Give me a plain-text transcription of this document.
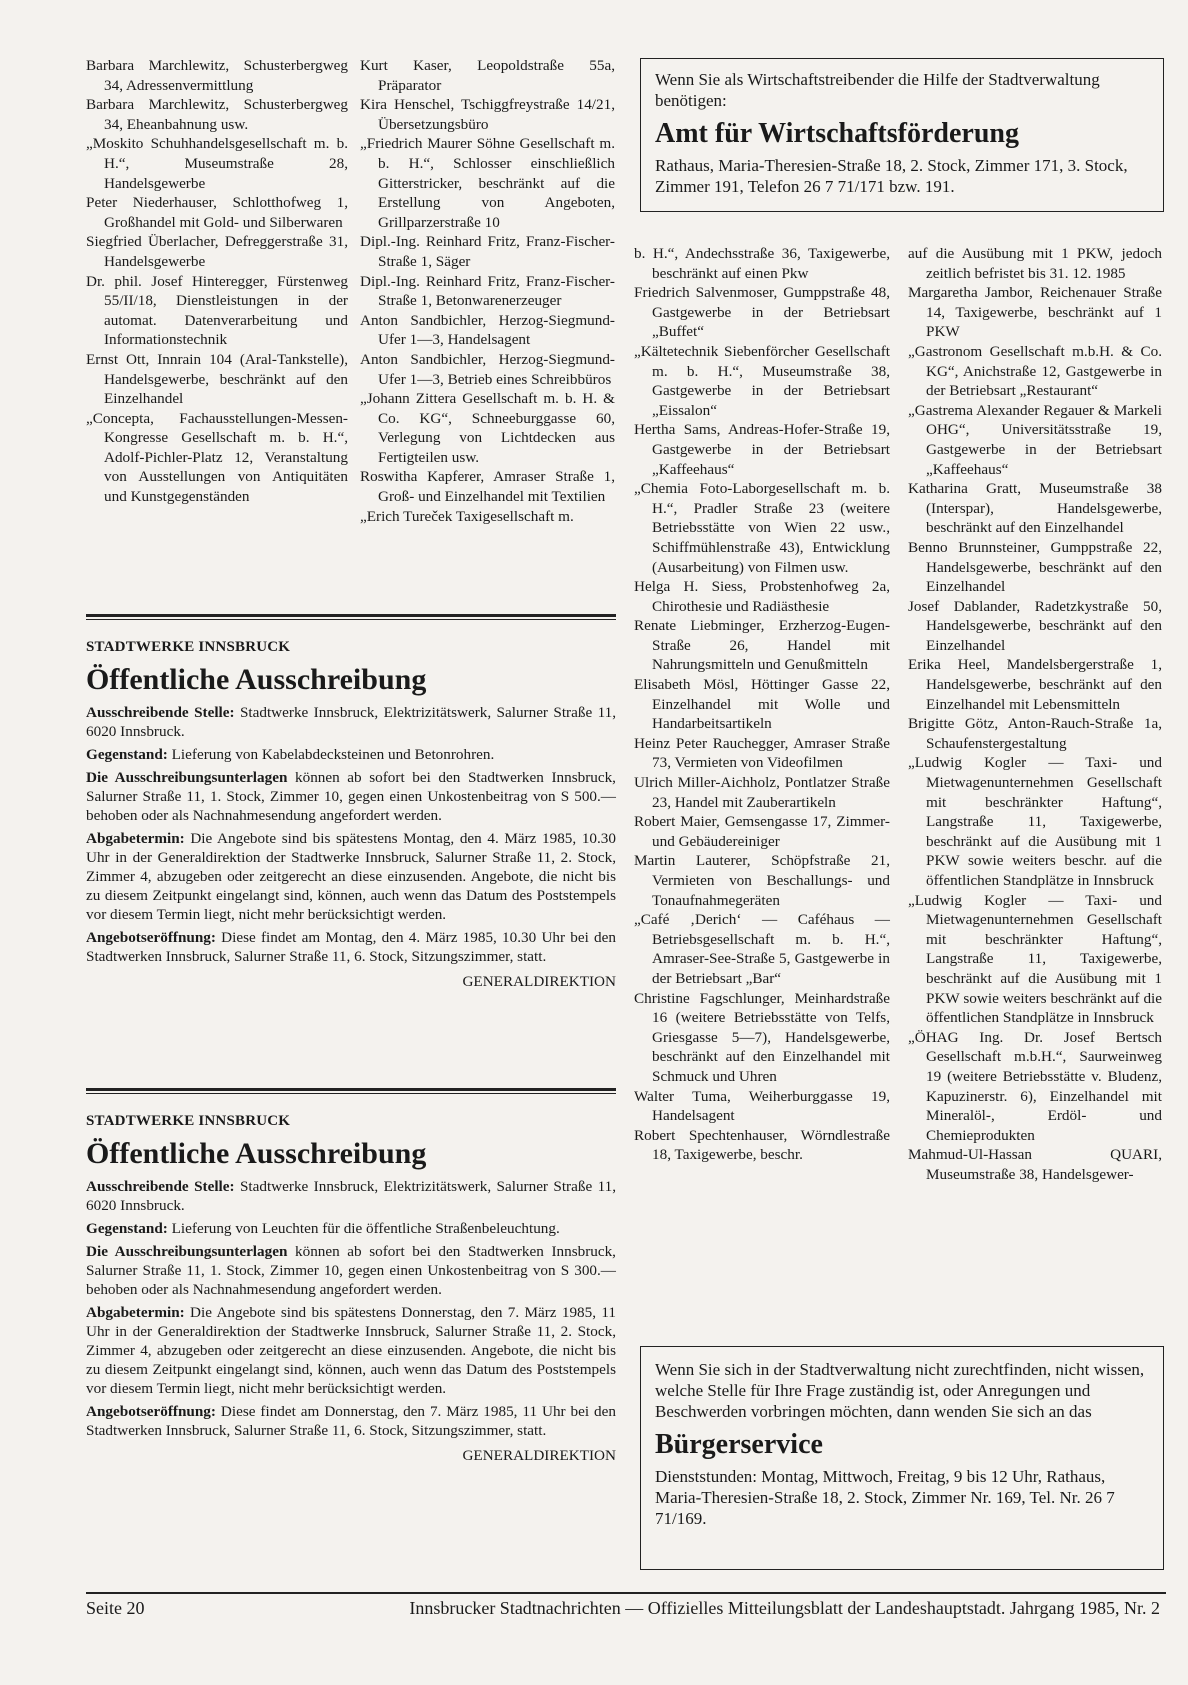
Barbara Marchlewitz, Schusterbergweg 34, Adressenvermittlung
Barbara Marchlewitz, Schusterbergweg 34, Eheanbahnung usw.
„Moskito Schuhhandelsgesellschaft m. b. H.“, Museumstraße 28, Handelsgewerbe
Peter Niederhauser, Schlotthofweg 1, Großhandel mit Gold- und Silberwaren
Siegfried Überlacher, Defreggerstraße 31, Handelsgewerbe
Dr. phil. Josef Hinteregger, Fürstenweg 55/II/18, Dienstleistungen in der automat. Datenverarbeitung und Informationstechnik
Ernst Ott, Innrain 104 (Aral-Tankstelle), Handelsgewerbe, beschränkt auf den Einzelhandel
„Concepta, Fachausstellungen-Messen-Kongresse Gesellschaft m. b. H.“, Adolf-Pichler-Platz 12, Veranstaltung von Ausstellungen von Antiquitäten und Kunstgegenständen
Kurt Kaser, Leopoldstraße 55a, Präparator
Kira Henschel, Tschiggfreystraße 14/21, Übersetzungsbüro
„Friedrich Maurer Söhne Gesellschaft m. b. H.“, Schlosser einschließlich Gitterstricker, beschränkt auf die Erstellung von Angeboten, Grillparzerstraße 10
Dipl.-Ing. Reinhard Fritz, Franz-Fischer-Straße 1, Säger
Dipl.-Ing. Reinhard Fritz, Franz-Fischer-Straße 1, Betonwarenerzeuger
Anton Sandbichler, Herzog-Siegmund-Ufer 1—3, Handelsagent
Anton Sandbichler, Herzog-Siegmund-Ufer 1—3, Betrieb eines Schreibbüros
„Johann Zittera Gesellschaft m. b. H. & Co. KG“, Schneeburggasse 60, Verlegung von Lichtdecken aus Fertigteilen usw.
Roswitha Kapferer, Amraser Straße 1, Groß- und Einzelhandel mit Textilien
„Erich Tureček Taxigesellschaft m.
Wenn Sie als Wirtschaftstreibender die Hilfe der Stadtverwaltung benötigen:
Amt für Wirtschaftsförderung
Rathaus, Maria-Theresien-Straße 18, 2. Stock, Zimmer 171, 3. Stock, Zimmer 191, Telefon 26 7 71/171 bzw. 191.
b. H.“, Andechsstraße 36, Taxigewerbe, beschränkt auf einen Pkw
Friedrich Salvenmoser, Gumppstraße 48, Gastgewerbe in der Betriebsart „Buffet“
„Kältetechnik Siebenförcher Gesellschaft m. b. H.“, Museumstraße 38, Gastgewerbe in der Betriebsart „Eissalon“
Hertha Sams, Andreas-Hofer-Straße 19, Gastgewerbe in der Betriebsart „Kaffeehaus“
„Chemia Foto-Laborgesellschaft m. b. H.“, Pradler Straße 23 (weitere Betriebsstätte von Wien 22 usw., Schiffmühlenstraße 43), Entwicklung (Ausarbeitung) von Filmen usw.
Helga H. Siess, Probstenhofweg 2a, Chirothesie und Radiästhesie
Renate Liebminger, Erzherzog-Eugen-Straße 26, Handel mit Nahrungsmitteln und Genußmitteln
Elisabeth Mösl, Höttinger Gasse 22, Einzelhandel mit Wolle und Handarbeitsartikeln
Heinz Peter Rauchegger, Amraser Straße 73, Vermieten von Videofilmen
Ulrich Miller-Aichholz, Pontlatzer Straße 23, Handel mit Zauberartikeln
Robert Maier, Gemsengasse 17, Zimmer- und Gebäudereiniger
Martin Lauterer, Schöpfstraße 21, Vermieten von Beschallungs- und Tonaufnahmegeräten
„Café ‚Derich‘ — Caféhaus — Betriebsgesellschaft m. b. H.“, Amraser-See-Straße 5, Gastgewerbe in der Betriebsart „Bar“
Christine Fagschlunger, Meinhardstraße 16 (weitere Betriebsstätte von Telfs, Griesgasse 5—7), Handelsgewerbe, beschränkt auf den Einzelhandel mit Schmuck und Uhren
Walter Tuma, Weiherburggasse 19, Handelsagent
Robert Spechtenhauser, Wörndlestraße 18, Taxigewerbe, beschr.
auf die Ausübung mit 1 PKW, jedoch zeitlich befristet bis 31. 12. 1985
Margaretha Jambor, Reichenauer Straße 14, Taxigewerbe, beschränkt auf 1 PKW
„Gastronom Gesellschaft m.b.H. & Co. KG“, Anichstraße 12, Gastgewerbe in der Betriebsart „Restaurant“
„Gastrema Alexander Regauer & Markeli OHG“, Universitätsstraße 19, Gastgewerbe in der Betriebsart „Kaffeehaus“
Katharina Gratt, Museumstraße 38 (Interspar), Handelsgewerbe, beschränkt auf den Einzelhandel
Benno Brunnsteiner, Gumppstraße 22, Handelsgewerbe, beschränkt auf den Einzelhandel
Josef Dablander, Radetzkystraße 50, Handelsgewerbe, beschränkt auf den Einzelhandel
Erika Heel, Mandelsbergerstraße 1, Handelsgewerbe, beschränkt auf den Einzelhandel mit Lebensmitteln
Brigitte Götz, Anton-Rauch-Straße 1a, Schaufenstergestaltung
„Ludwig Kogler — Taxi- und Mietwagenunternehmen Gesellschaft mit beschränkter Haftung“, Langstraße 11, Taxigewerbe, beschränkt auf die Ausübung mit 1 PKW sowie weiters beschr. auf die öffentlichen Standplätze in Innsbruck
„Ludwig Kogler — Taxi- und Mietwagenunternehmen Gesellschaft mit beschränkter Haftung“, Langstraße 11, Taxigewerbe, beschränkt auf die Ausübung mit 1 PKW sowie weiters beschränkt auf die öffentlichen Standplätze in Innsbruck
„ÖHAG Ing. Dr. Josef Bertsch Gesellschaft m.b.H.“, Saurweinweg 19 (weitere Betriebsstätte v. Bludenz, Kapuzinerstr. 6), Einzelhandel mit Mineralöl-, Erdöl- und Chemieprodukten
Mahmud-Ul-Hassan QUARI, Museumstraße 38, Handelsgewer-
STADTWERKE INNSBRUCK
Öffentliche Ausschreibung

Ausschreibende Stelle: Stadtwerke Innsbruck, Elektrizitätswerk, Salurner Straße 11, 6020 Innsbruck.

Gegenstand: Lieferung von Kabelabdecksteinen und Betonrohren.

Die Ausschreibungsunterlagen können ab sofort bei den Stadtwerken Innsbruck, Salurner Straße 11, 1. Stock, Zimmer 10, gegen einen Unkostenbeitrag von S 500.— behoben oder als Nachnahmesendung angefordert werden.

Abgabetermin: Die Angebote sind bis spätestens Montag, den 4. März 1985, 10.30 Uhr in der Generaldirektion der Stadtwerke Innsbruck, Salurner Straße 11, 2. Stock, Zimmer 4, abzugeben oder zeitgerecht an diese einzusenden. Angebote, die nicht bis zu diesem Zeitpunkt eingelangt sind, können, auch wenn das Datum des Poststempels vor diesem Termin liegt, nicht mehr berücksichtigt werden.

Angebotseröffnung: Diese findet am Montag, den 4. März 1985, 10.30 Uhr bei den Stadtwerken Innsbruck, Salurner Straße 11, 6. Stock, Sitzungszimmer, statt.

GENERALDIREKTION
STADTWERKE INNSBRUCK
Öffentliche Ausschreibung

Ausschreibende Stelle: Stadtwerke Innsbruck, Elektrizitätswerk, Salurner Straße 11, 6020 Innsbruck.

Gegenstand: Lieferung von Leuchten für die öffentliche Straßenbeleuchtung.

Die Ausschreibungsunterlagen können ab sofort bei den Stadtwerken Innsbruck, Salurner Straße 11, 1. Stock, Zimmer 10, gegen einen Unkostenbeitrag von S 300.— behoben oder als Nachnahmesendung angefordert werden.

Abgabetermin: Die Angebote sind bis spätestens Donnerstag, den 7. März 1985, 11 Uhr in der Generaldirektion der Stadtwerke Innsbruck, Salurner Straße 11, 2. Stock, Zimmer 4, abzugeben oder zeitgerecht an diese einzusenden. Angebote, die nicht bis zu diesem Zeitpunkt eingelangt sind, können, auch wenn das Datum des Poststempels vor diesem Termin liegt, nicht mehr berücksichtigt werden.

Angebotseröffnung: Diese findet am Donnerstag, den 7. März 1985, 11 Uhr bei den Stadtwerken Innsbruck, Salurner Straße 11, 6. Stock, Sitzungszimmer, statt.

GENERALDIREKTION
Wenn Sie sich in der Stadtverwaltung nicht zurechtfinden, nicht wissen, welche Stelle für Ihre Frage zuständig ist, oder Anregungen und Beschwerden vorbringen möchten, dann wenden Sie sich an das
Bürgerservice
Dienststunden: Montag, Mittwoch, Freitag, 9 bis 12 Uhr, Rathaus, Maria-Theresien-Straße 18, 2. Stock, Zimmer Nr. 169, Tel. Nr. 26 7 71/169.
Seite 20	Innsbrucker Stadtnachrichten — Offizielles Mitteilungsblatt der Landeshauptstadt. Jahrgang 1985, Nr. 2
